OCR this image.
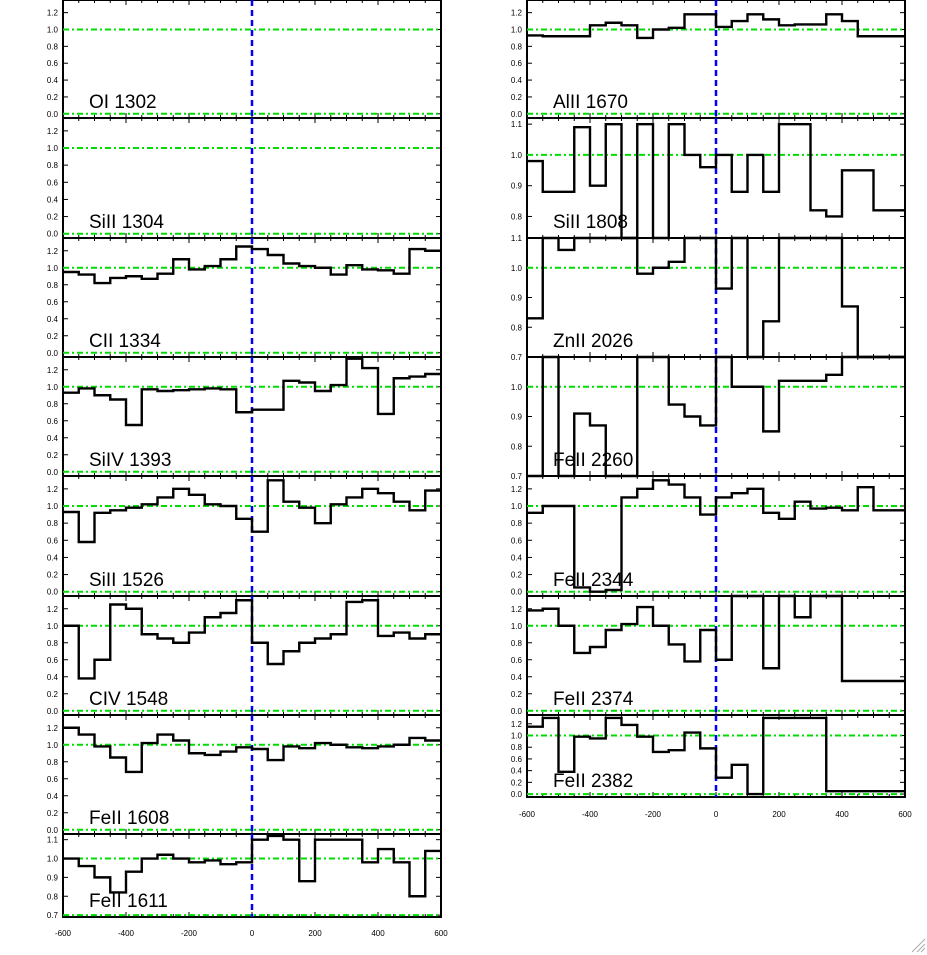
0.0
0.2
0.4
0.6
0.8
1.0
1.2
OI 1302
0.0
0.2
0.4
0.6
0.8
1.0
1.2
SiII 1304
0.0
0.2
0.4
0.6
0.8
1.0
1.2
CII 1334
0.0
0.2
0.4
0.6
0.8
1.0
1.2
SiIV 1393
0.0
0.2
0.4
0.6
0.8
1.0
1.2
SiII 1526
0.0
0.2
0.4
0.6
0.8
1.0
1.2
CIV 1548
0.0
0.2
0.4
0.6
0.8
1.0
1.2
FeII 1608
0.7
0.8
0.9
1.0
1.1
FeII 1611
0.0
0.2
0.4
0.6
0.8
1.0
1.2
AlII 1670
0.8
0.9
1.0
1.1
SiII 1808
0.7
0.8
0.9
1.0
1.1
ZnII 2026
0.7
0.8
0.9
1.0
FeII 2260
0.0
0.2
0.4
0.6
0.8
1.0
1.2
FeII 2344
0.0
0.2
0.4
0.6
0.8
1.0
1.2
FeII 2374
0.0
0.2
0.4
0.6
0.8
1.0
1.2
FeII 2382
-600	-400	-200	0	200	400	600
-600	-400	-200	0	200	400	600
